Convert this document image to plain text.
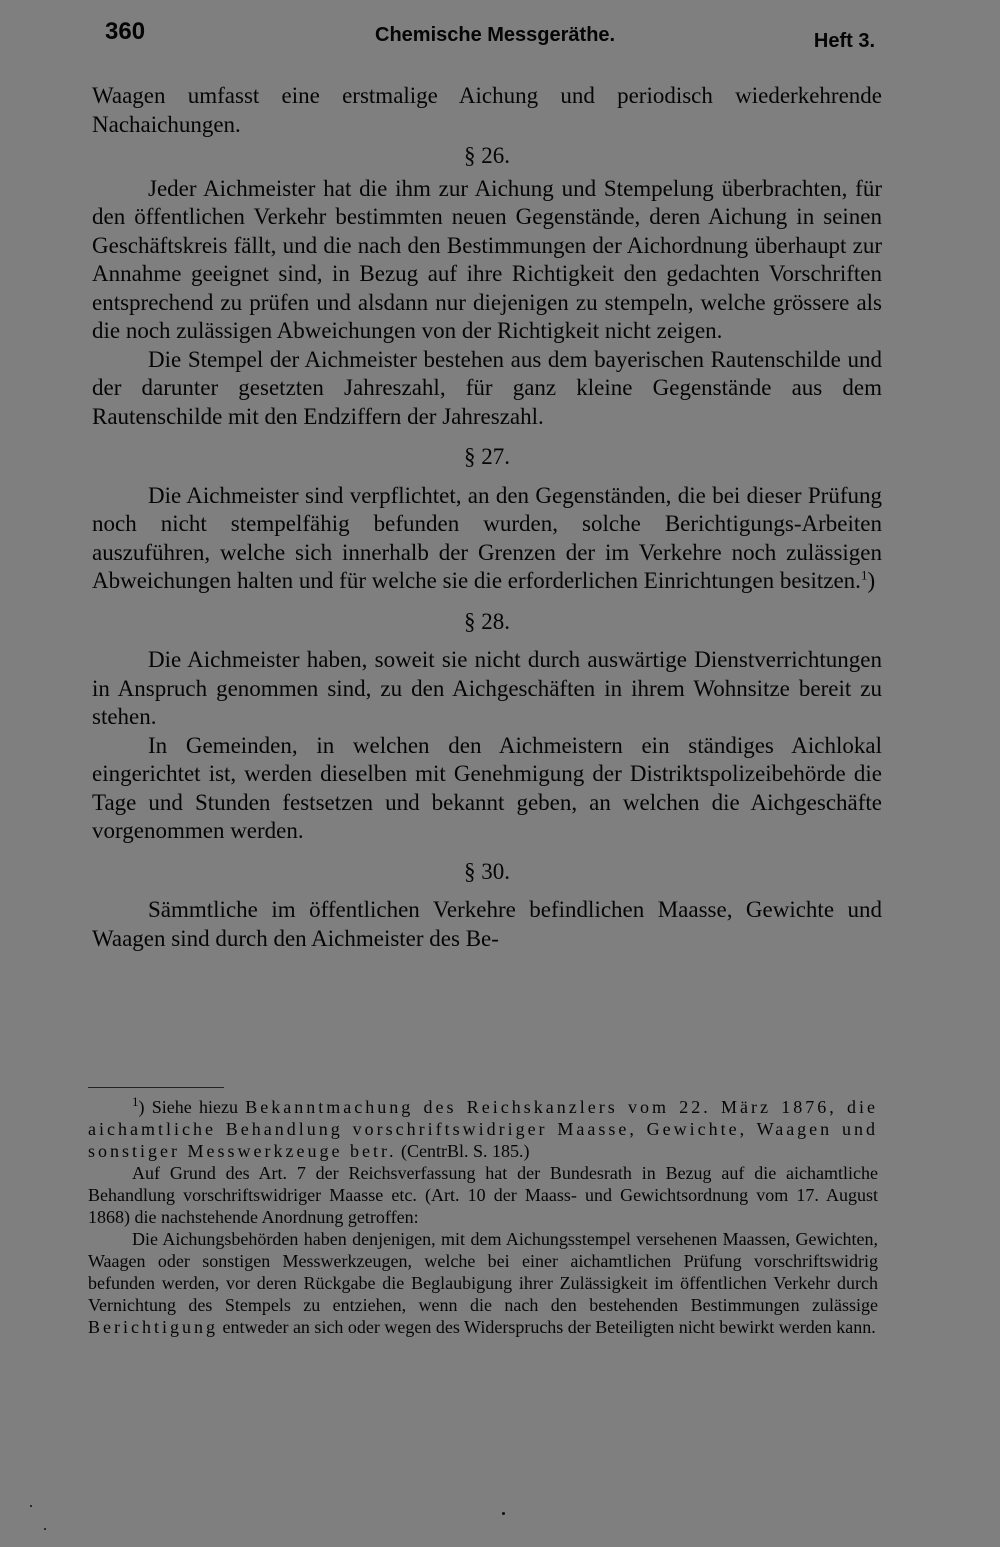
360	Chemische Messgeräthe.	Heft 3.

Waagen umfasst eine erstmalige Aichung und periodisch wiederkehrende Nachaichungen.

§ 26.

Jeder Aichmeister hat die ihm zur Aichung und Stempelung überbrachten, für den öffentlichen Verkehr bestimmten neuen Gegenstände, deren Aichung in seinen Geschäftskreis fällt, und die nach den Bestimmungen der Aichordnung überhaupt zur Annahme geeignet sind, in Bezug auf ihre Richtigkeit den gedachten Vorschriften entsprechend zu prüfen und alsdann nur diejenigen zu stempeln, welche grössere als die noch zulässigen Abweichungen von der Richtigkeit nicht zeigen.

Die Stempel der Aichmeister bestehen aus dem bayerischen Rautenschilde und der darunter gesetzten Jahreszahl, für ganz kleine Gegenstände aus dem Rautenschilde mit den Endziffern der Jahreszahl.

§ 27.

Die Aichmeister sind verpflichtet, an den Gegenständen, die bei dieser Prüfung noch nicht stempelfähig befunden wurden, solche Berichtigungs-Arbeiten auszuführen, welche sich innerhalb der Grenzen der im Verkehre noch zulässigen Abweichungen halten und für welche sie die erforderlichen Einrichtungen besitzen.$^1$)

§ 28.

Die Aichmeister haben, soweit sie nicht durch auswärtige Dienstverrichtungen in Anspruch genommen sind, zu den Aichgeschäften in ihrem Wohnsitze bereit zu stehen.

In Gemeinden, in welchen den Aichmeistern ein ständiges Aichlokal eingerichtet ist, werden dieselben mit Genehmigung der Distriktspolizeibehörde die Tage und Stunden festsetzen und bekannt geben, an welchen die Aichgeschäfte vorgenommen werden.

§ 30.

Sämmtliche im öffentlichen Verkehre befindlichen Maasse, Gewichte und Waagen sind durch den Aichmeister des Be-

$^1$) Siehe hiezu Bekanntmachung des Reichskanzlers vom 22. März 1876, die aichamtliche Behandlung vorschriftswidriger Maasse, Gewichte, Waagen und sonstiger Messwerkzeuge betr. (CentrBl. S. 185.)

Auf Grund des Art. 7 der Reichsverfassung hat der Bundesrath in Bezug auf die aichamtliche Behandlung vorschriftswidriger Maasse etc. (Art. 10 der Maass- und Gewichtsordnung vom 17. August 1868) die nachstehende Anordnung getroffen:

Die Aichungsbehörden haben denjenigen, mit dem Aichungsstempel versehenen Maassen, Gewichten, Waagen oder sonstigen Messwerkzeugen, welche bei einer aichamtlichen Prüfung vorschriftswidrig befunden werden, vor deren Rückgabe die Beglaubigung ihrer Zulässigkeit im öffentlichen Verkehr durch Vernichtung des Stempels zu entziehen, wenn die nach den bestehenden Bestimmungen zulässige Berichtigung entweder an sich oder wegen des Widerspruchs der Beteiligten nicht bewirkt werden kann.
